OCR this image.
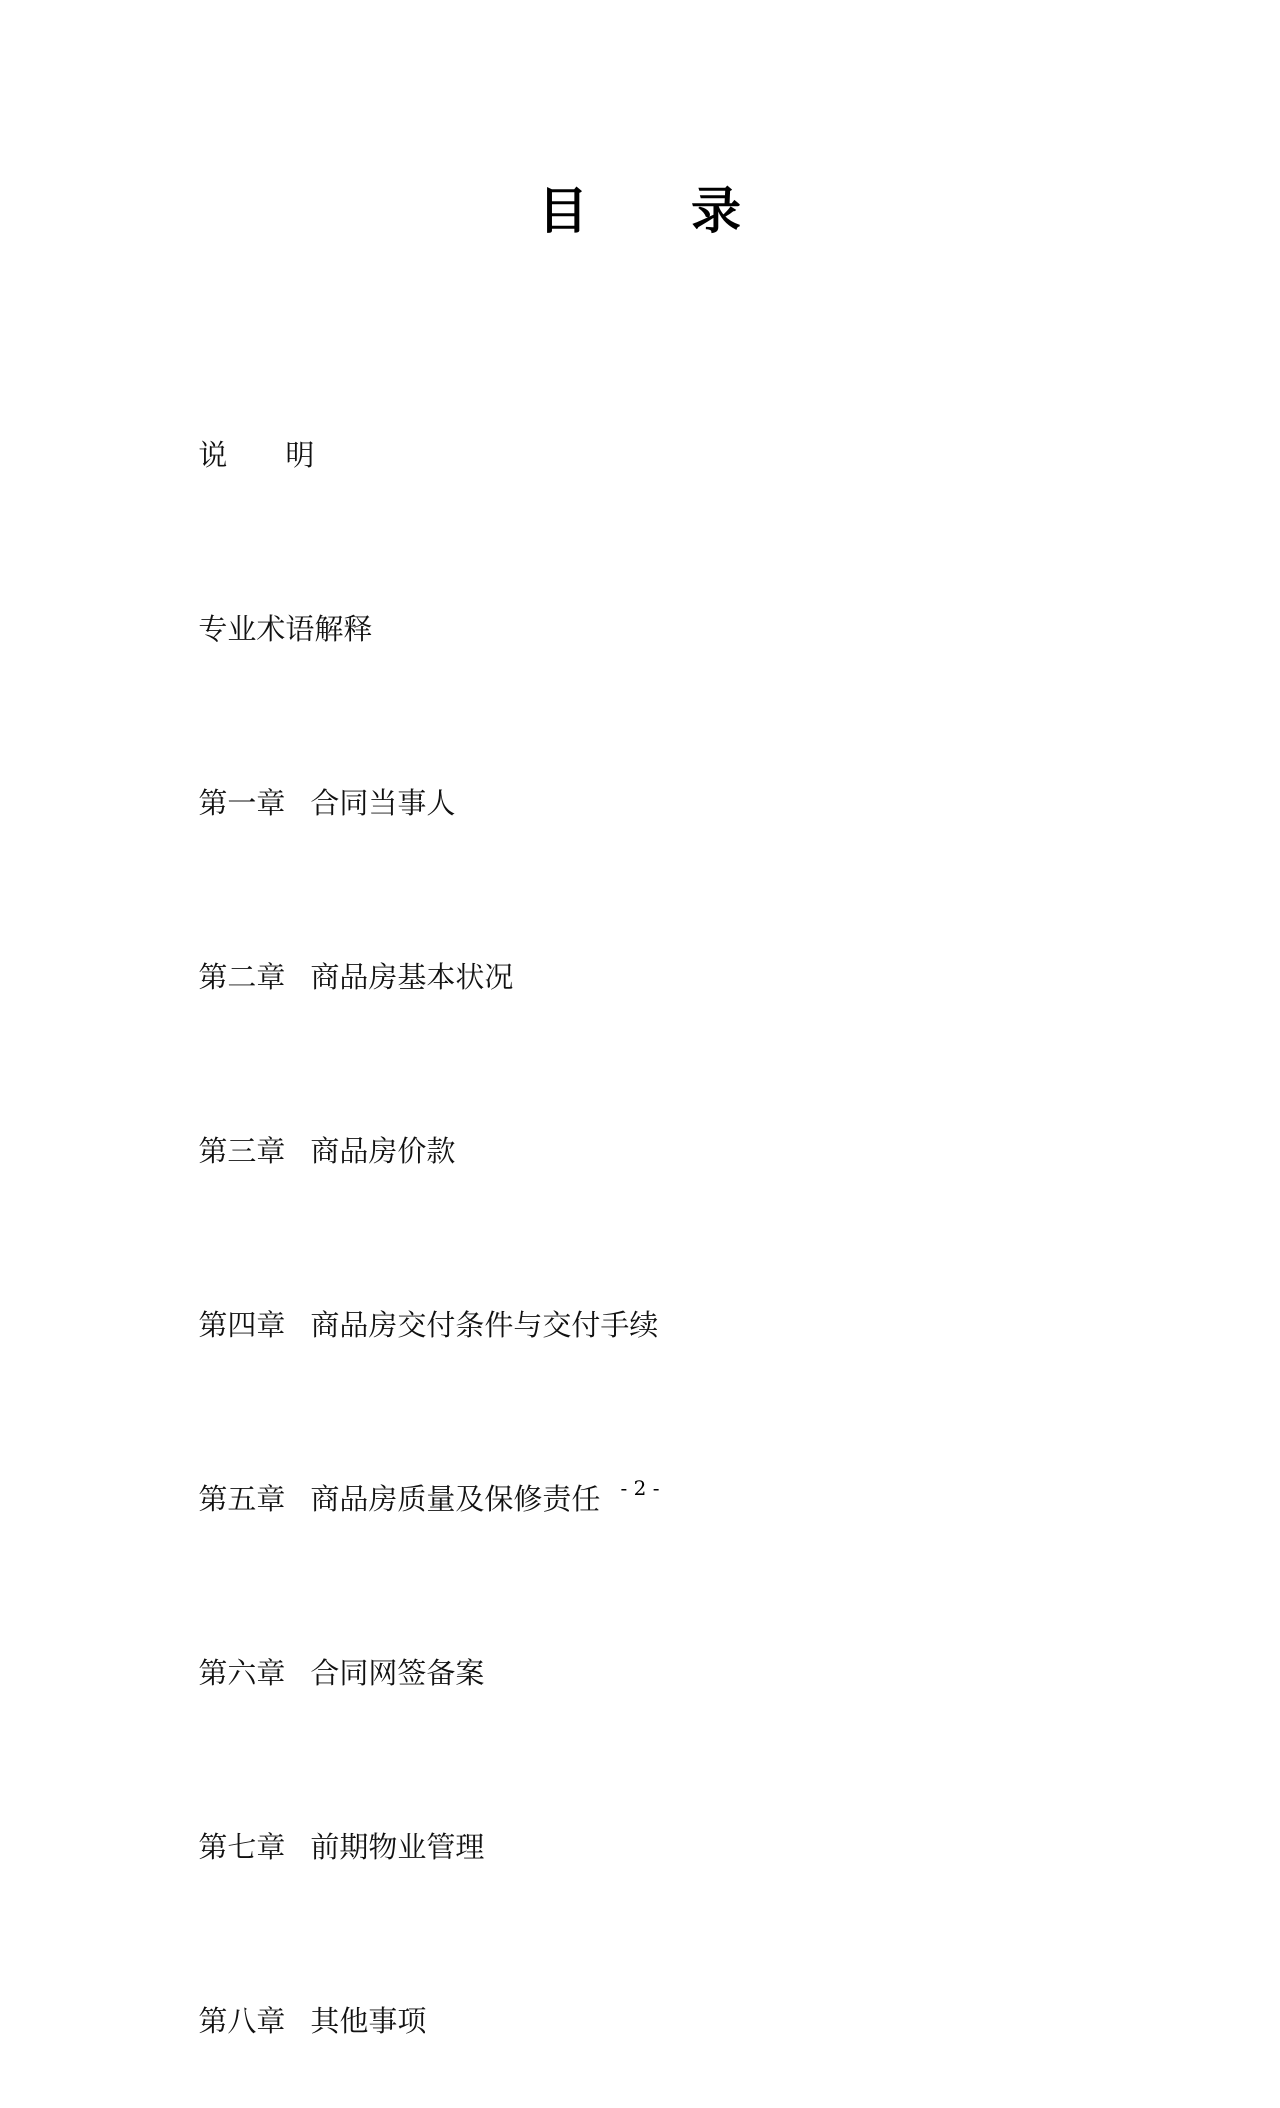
目　　录

说　　明

专业术语解释

第一章 合同当事人

第二章 商品房基本状况

第三章 商品房价款

第四章 商品房交付条件与交付手续

第五章 商品房质量及保修责任

第六章 合同网签备案

第七章 前期物业管理

第八章 其他事项

- 2 -
